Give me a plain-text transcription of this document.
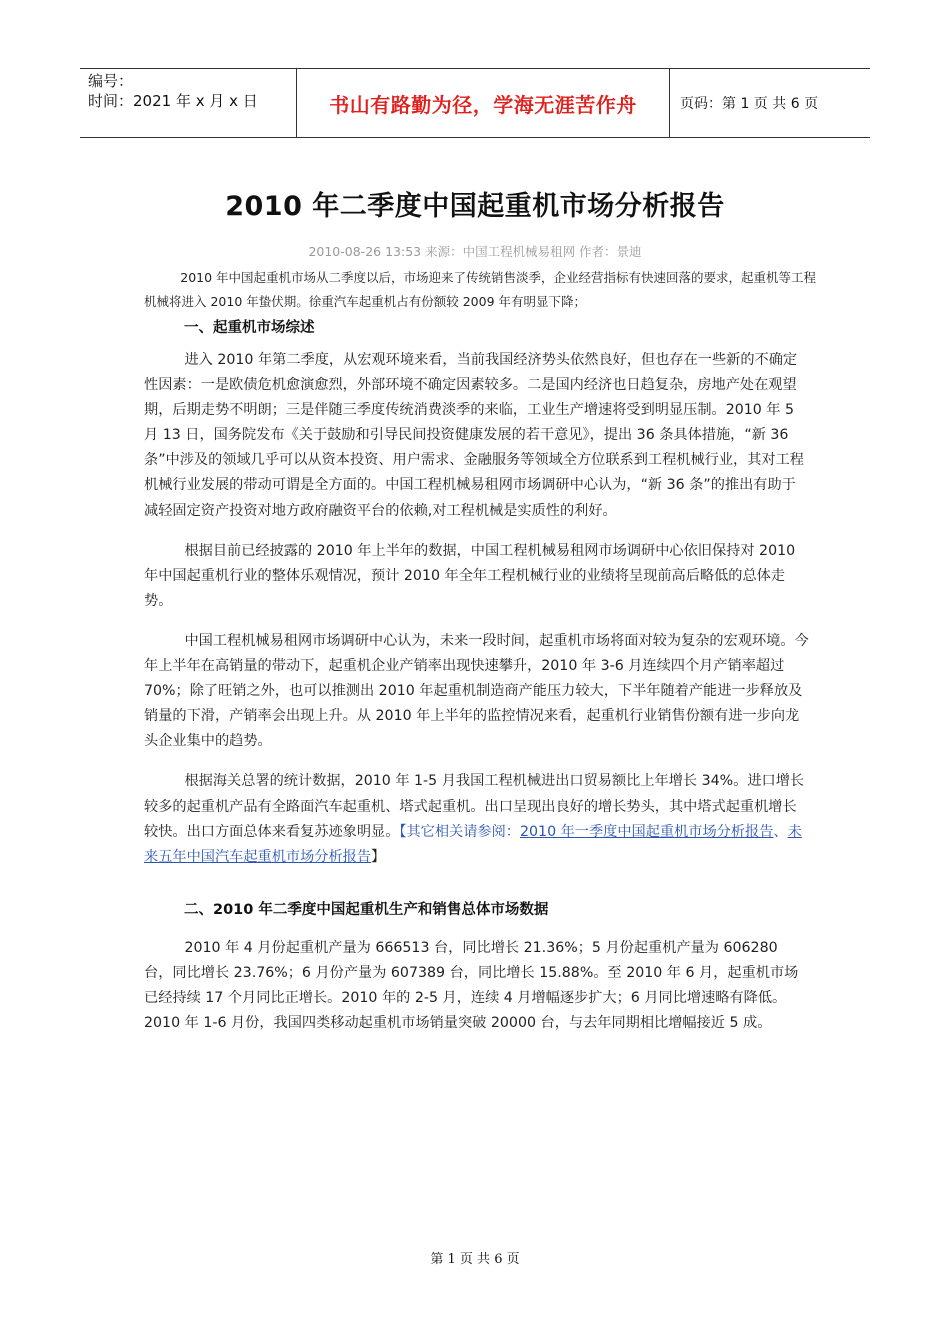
编号：
时间：2021 年 x 月 x 日	书山有路勤为径，学海无涯苦作舟	页码：第 1 页 共 6 页
2010 年二季度中国起重机市场分析报告
2010-08-26 13:53 来源：中国工程机械易租网 作者：景迪

2010 年中国起重机市场从二季度以后，市场迎来了传统销售淡季，企业经营指标有快速回落的要求，起重机等工程机械将进入 2010 年蛰伏期。徐重汽车起重机占有份额较 2009 年有明显下降；

一、起重机市场综述

进入 2010 年第二季度，从宏观环境来看，当前我国经济势头依然良好，但也存在一些新的不确定性因素：一是欧债危机愈演愈烈，外部环境不确定因素较多。二是国内经济也日趋复杂，房地产处在观望期，后期走势不明朗；三是伴随三季度传统消费淡季的来临，工业生产增速将受到明显压制。2010 年 5 月 13 日，国务院发布《关于鼓励和引导民间投资健康发展的若干意见》，提出 36 条具体措施，“新 36 条”中涉及的领域几乎可以从资本投资、用户需求、金融服务等领域全方位联系到工程机械行业，其对工程机械行业发展的带动可谓是全方面的。中国工程机械易租网市场调研中心认为，“新 36 条”的推出有助于减轻固定资产投资对地方政府融资平台的依赖,对工程机械是实质性的利好。

根据目前已经披露的 2010 年上半年的数据，中国工程机械易租网市场调研中心依旧保持对 2010 年中国起重机行业的整体乐观情况，预计 2010 年全年工程机械行业的业绩将呈现前高后略低的总体走势。

中国工程机械易租网市场调研中心认为，未来一段时间，起重机市场将面对较为复杂的宏观环境。今年上半年在高销量的带动下，起重机企业产销率出现快速攀升，2010 年 3-6 月连续四个月产销率超过 70%；除了旺销之外，也可以推测出 2010 年起重机制造商产能压力较大，下半年随着产能进一步释放及销量的下滑，产销率会出现上升。从 2010 年上半年的监控情况来看，起重机行业销售份额有进一步向龙头企业集中的趋势。

根据海关总署的统计数据，2010 年 1-5 月我国工程机械进出口贸易额比上年增长 34%。进口增长较多的起重机产品有全路面汽车起重机、塔式起重机。出口呈现出良好的增长势头，其中塔式起重机增长较快。出口方面总体来看复苏迹象明显。【其它相关请参阅：2010 年一季度中国起重机市场分析报告、未来五年中国汽车起重机市场分析报告】

二、2010 年二季度中国起重机生产和销售总体市场数据

2010 年 4 月份起重机产量为 666513 台，同比增长 21.36%；5 月份起重机产量为 606280 台，同比增长 23.76%；6 月份产量为 607389 台，同比增长 15.88%。至 2010 年 6 月，起重机市场已经持续 17 个月同比正增长。2010 年的 2-5 月，连续 4 月增幅逐步扩大；6 月同比增速略有降低。

2010 年 1-6 月份，我国四类移动起重机市场销量突破 20000 台，与去年同期相比增幅接近 5 成。

第 1 页 共 6 页
